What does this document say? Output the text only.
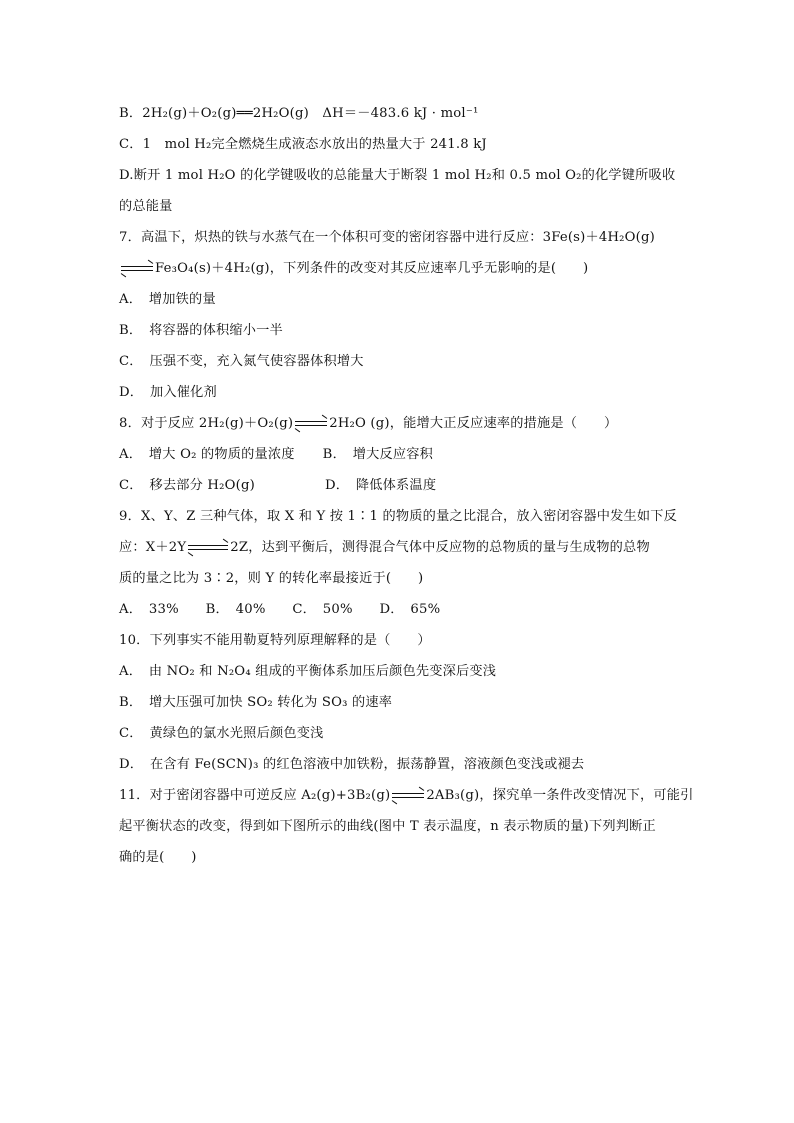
B．2H₂(g)＋O₂(g)══2H₂O(g)　ΔH＝－483.6 kJ · mol⁻¹
C．1　mol H₂完全燃烧生成液态水放出的热量大于 241.8 kJ
D.断开 1 mol H₂O 的化学键吸收的总能量大于断裂 1 mol H₂和 0.5 mol O₂的化学键所吸收
的总能量
7．高温下，炽热的铁与水蒸气在一个体积可变的密闭容器中进行反应：3Fe(s)＋4H₂O(g)
Fe₃O₄(s)＋4H₂(g)，下列条件的改变对其反应速率几乎无影响的是(　　)
A．　增加铁的量
B．　将容器的体积缩小一半
C．　压强不变，充入氮气使容器体积增大
D．　加入催化剂
8．对于反应 2H₂(g)＋O₂(g)	2H₂O (g)，能增大正反应速率的措施是（　　）
A．　增大 O₂ 的物质的量浓度 B．　增大反应容积
C．　移去部分 H₂O(g)	D．　降低体系温度
9．X、Y、Z 三种气体，取 X 和 Y 按 1∶1 的物质的量之比混合，放入密闭容器中发生如下反
应：X＋2Y	2Z，达到平衡后，测得混合气体中反应物的总物质的量与生成物的总物
质的量之比为 3∶2，则 Y 的转化率最接近于(　　)
A．　33%　　B．　40%　　C．　50%　　D．　65%
10．下列事实不能用勒夏特列原理解释的是（　　）
A．　由 NO₂ 和 N₂O₄ 组成的平衡体系加压后颜色先变深后变浅
B．　增大压强可加快 SO₂ 转化为 SO₃ 的速率
C．　黄绿色的氯水光照后颜色变浅
D．　在含有 Fe(SCN)₃ 的红色溶液中加铁粉，振荡静置，溶液颜色变浅或褪去
11．对于密闭容器中可逆反应 A₂(g)+3B₂(g)	2AB₃(g)，探究单一条件改变情况下，可能引
起平衡状态的改变，得到如下图所示的曲线(图中 T 表示温度，n 表示物质的量)下列判断正
确的是(　　)
